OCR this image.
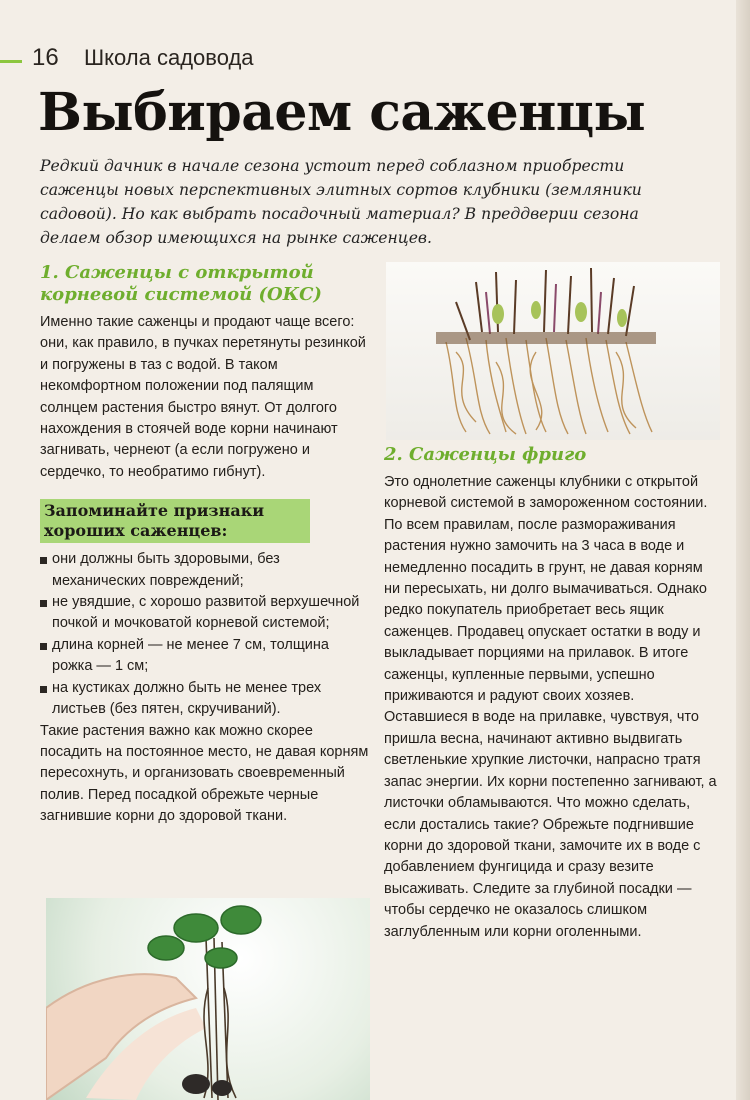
16 Школа садовода
Выбираем саженцы

Редкий дачник в начале сезона устоит перед соблазном приобрести саженцы новых перспективных элитных сортов клубники (земляники садовой). Но как выбрать посадочный материал? В преддверии сезона делаем обзор имеющихся на рынке саженцев.

1. Саженцы с открытой корневой системой (ОКС)

Именно такие саженцы и продают чаще всего: они, как правило, в пучках перетянуты резинкой и погружены в таз с водой. В таком некомфортном положении под палящим солнцем растения быстро вянут. От долгого нахождения в стоячей воде корни начинают загнивать, чернеют (а если погружено и сердечко, то необратимо гибнут).

Запоминайте признаки хороших саженцев:
они должны быть здоровыми, без механических повреждений;
не увядшие, с хорошо развитой верхушечной почкой и мочковатой корневой системой;
длина корней — не менее 7 см, толщина рожка — 1 см;
на кустиках должно быть не менее трех листьев (без пятен, скручиваний).

Такие растения важно как можно скорее посадить на постоянное место, не давая корням пересохнуть, и организовать своевременный полив. Перед посадкой обрежьте черные загнившие корни до здоровой ткани.

2. Саженцы фриго

Это однолетние саженцы клубники с открытой корневой системой в замороженном состоянии. По всем правилам, после размораживания растения нужно замочить на 3 часа в воде и немедленно посадить в грунт, не давая корням ни пересыхать, ни долго вымачиваться. Однако редко покупатель приобретает весь ящик саженцев. Продавец опускает остатки в воду и выкладывает порциями на прилавок. В итоге саженцы, купленные первыми, успешно приживаются и радуют своих хозяев. Оставшиеся в воде на прилавке, чувствуя, что пришла весна, начинают активно выдвигать светленькие хрупкие листочки, напрасно тратя запас энергии. Их корни постепенно загнивают, а листочки обламываются. Что можно сделать, если достались такие? Обрежьте подгнившие корни до здоровой ткани, замочите их в воде с добавлением фунгицида и сразу везите высаживать. Следите за глубиной посадки — чтобы сердечко не оказалось слишком заглубленным или корни оголенными.
